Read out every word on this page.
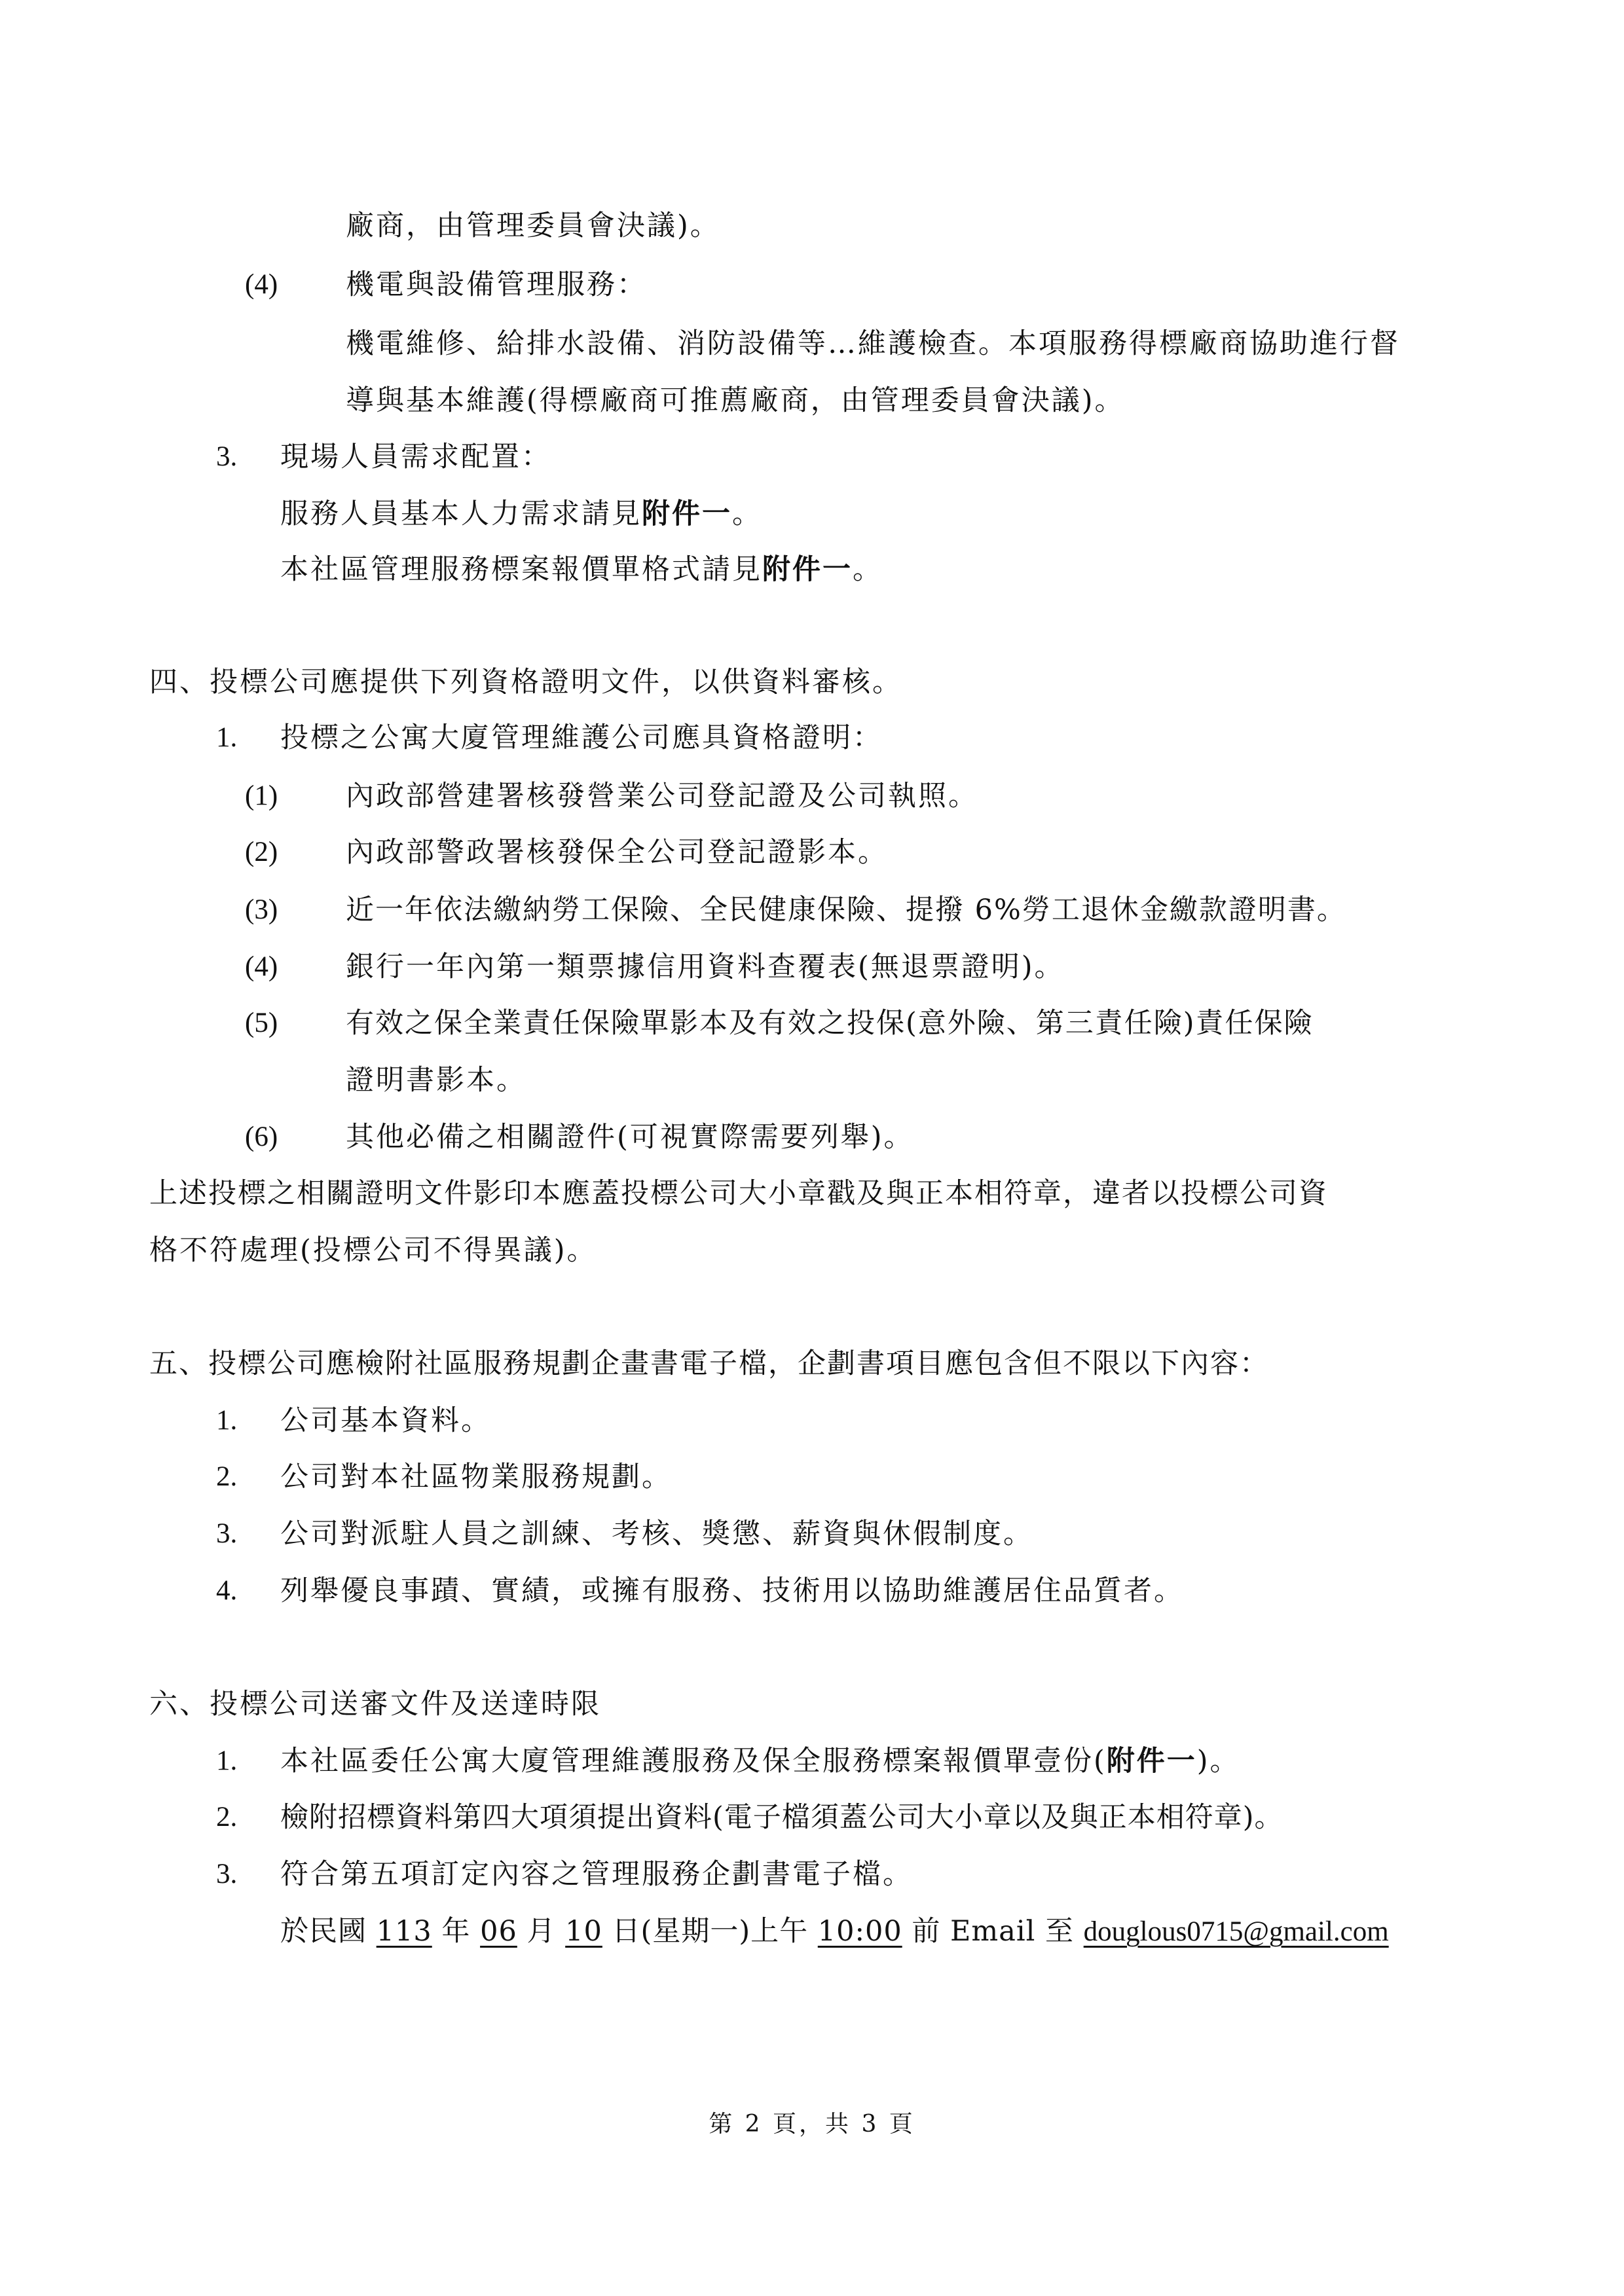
廠商，由管理委員會決議)。
(4) 機電與設備管理服務：
機電維修、給排水設備、消防設備等…維護檢查。本項服務得標廠商協助進行督
導與基本維護(得標廠商可推薦廠商，由管理委員會決議)。
3. 現場人員需求配置：
服務人員基本人力需求請見附件一。
本社區管理服務標案報價單格式請見附件一。
四、投標公司應提供下列資格證明文件，以供資料審核。
1. 投標之公寓大廈管理維護公司應具資格證明：
(1) 內政部營建署核發營業公司登記證及公司執照。
(2) 內政部警政署核發保全公司登記證影本。
(3) 近一年依法繳納勞工保險、全民健康保險、提撥 6%勞工退休金繳款證明書。
(4) 銀行一年內第一類票據信用資料查覆表(無退票證明)。
(5) 有效之保全業責任保險單影本及有效之投保(意外險、第三責任險)責任保險
證明書影本。
(6) 其他必備之相關證件(可視實際需要列舉)。
上述投標之相關證明文件影印本應蓋投標公司大小章戳及與正本相符章，違者以投標公司資
格不符處理(投標公司不得異議)。
五、投標公司應檢附社區服務規劃企畫書電子檔，企劃書項目應包含但不限以下內容：
1. 公司基本資料。
2. 公司對本社區物業服務規劃。
3. 公司對派駐人員之訓練、考核、獎懲、薪資與休假制度。
4. 列舉優良事蹟、實績，或擁有服務、技術用以協助維護居住品質者。
六、投標公司送審文件及送達時限
1. 本社區委任公寓大廈管理維護服務及保全服務標案報價單壹份(附件一)。
2. 檢附招標資料第四大項須提出資料(電子檔須蓋公司大小章以及與正本相符章)。
3. 符合第五項訂定內容之管理服務企劃書電子檔。
於民國 113 年 06 月 10 日(星期一)上午 10:00 前 Email 至 douglous0715@gmail.com
第 2 頁，共 3 頁
